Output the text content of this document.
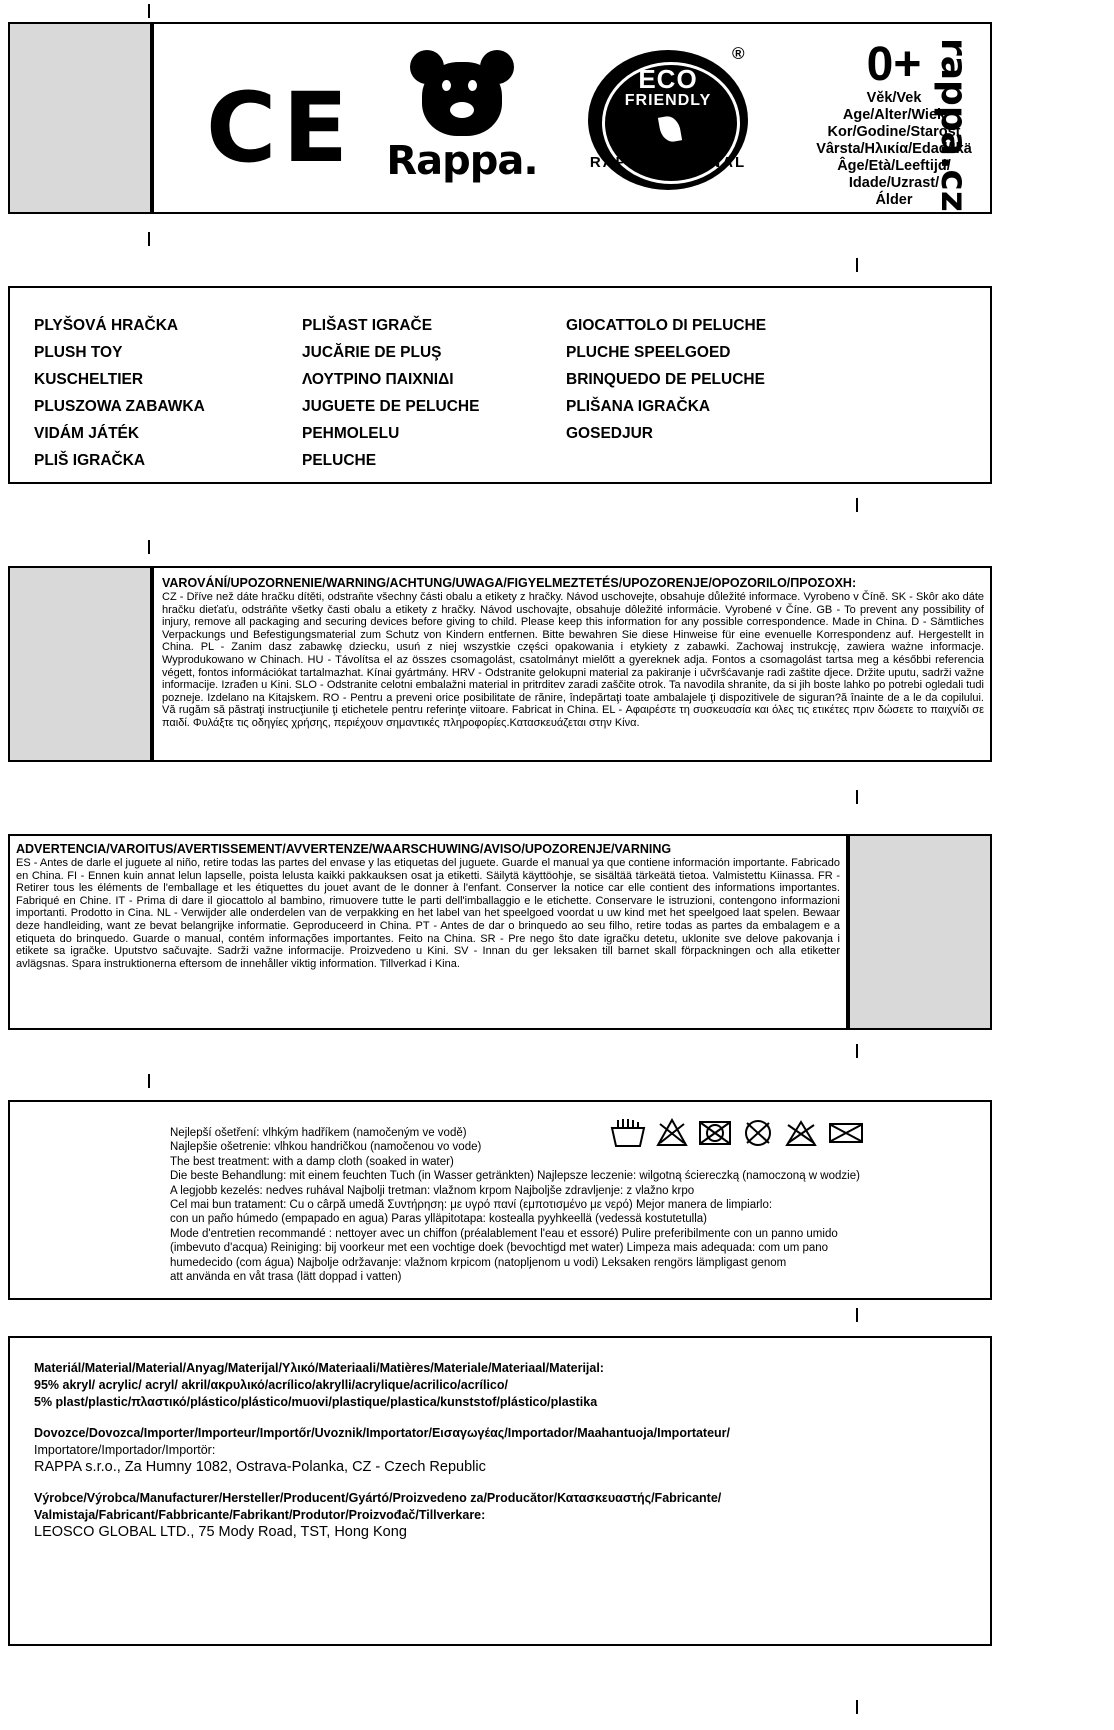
CE Rappa.
ECO
FRIENDLY
®
RAPPA ORIGINAL
0+
Věk/Vek
Age/Alter/Wiek
Kor/Godine/Starost
Vârsta/Ηλικία/Edad/Ikä
Âge/Età/Leeftijd/
Idade/Uzrast/
Álder rappa.cz
PLYŠOVÁ HRAČKA
PLUSH TOY
KUSCHELTIER
PLUSZOWA ZABAWKA
VIDÁM JÁTÉK
PLIŠ IGRAČKA
PLIŠAST IGRAČE
JUCĂRIE DE PLUŞ
ΛΟΥΤΡΙΝΟ ΠΑΙΧΝΙΔΙ
JUGUETE DE PELUCHE
PEHMOLELU
PELUCHE
GIOCATTOLO DI PELUCHE
PLUCHE SPEELGOED
BRINQUEDO DE PELUCHE
PLIŠANA IGRAČKA
GOSEDJUR
VAROVÁNÍ/UPOZORNENIE/WARNING/ACHTUNG/UWAGA/FIGYELMEZTETÉS/UPOZORENJE/OPOZORILO/ΠΡΟΣΟΧΗ:
CZ - Dříve než dáte hračku dítěti, odstraňte všechny části obalu a etikety z hračky. Návod uschovejte, obsahuje důležité informace. Vyrobeno v Číně. SK - Skôr ako dáte hračku dieťaťu, odstráňte všetky časti obalu a etikety z hračky. Návod uschovajte, obsahuje dôležité informácie. Vyrobené v Číne. GB - To prevent any possibility of injury, remove all packaging and securing devices before giving to child. Please keep this information for any possible correspondence. Made in China. D - Sämtliches Verpackungs und Befestigungsmaterial zum Schutz von Kindern entfernen. Bitte bewahren Sie diese Hinweise für eine evenuelle Korrespondenz auf. Hergestellt in China. PL - Zanim dasz zabawkę dziecku, usuń z niej wszystkie części opakowania i etykiety z zabawki. Zachowaj instrukcję, zawiera ważne informacje. Wyprodukowano w Chinach. HU - Távolítsa el az összes csomagolást, csatolmányt mielőtt a gyereknek adja. Fontos a csomagolást tartsa meg a későbbi referencia végett, fontos információkat tartalmazhat. Kínai gyártmány. HRV - Odstranite gelokupni material za pakiranje i učvršćavanje radi zaštite djece. Držite uputu, sadrži važne informacije. Izrađen u Kini. SLO - Odstranite celotni embalažni material in pritrditev zaradi zaščite otrok. Ta navodila shranite, da si jih boste lahko po potrebi ogledali tudi pozneje. Izdelano na Kitajskem. RO - Pentru a preveni orice posibilitate de rănire, îndepărtaţi toate ambalajele ţi dispozitivele de siguran?ă înainte de a le da copilului. Vă rugăm să păstraţi instrucţiunile ţi etichetele pentru referinţe viitoare. Fabricat in China. EL - Αφαιρέστε τη συσκευασία και όλες τις ετικέτες πριν δώσετε το παιχνίδι σε παιδί. Φυλάξτε τις οδηγίες χρήσης, περιέχουν σημαντικές πληροφορίες.Κατασκευάζεται στην Κίνα.
ADVERTENCIA/VAROITUS/AVERTISSEMENT/AVVERTENZE/WAARSCHUWING/AVISO/UPOZORENJE/VARNING
ES - Antes de darle el juguete al niño, retire todas las partes del envase y las etiquetas del juguete. Guarde el manual ya que contiene información importante. Fabricado en China. FI - Ennen kuin annat lelun lapselle, poista lelusta kaikki pakkauksen osat ja etiketti. Säilytä käyttöohje, se sisältää tärkeätä tietoa. Valmistettu Kiinassa. FR - Retirer tous les éléments de l'emballage et les étiquettes du jouet avant de le donner à l'enfant. Conserver la notice car elle contient des informations importantes. Fabriqué en Chine. IT - Prima di dare il giocattolo al bambino, rimuovere tutte le parti dell'imballaggio e le etichette. Conservare le istruzioni, contengono informazioni importanti. Prodotto in Cina. NL - Verwijder alle onderdelen van de verpakking en het label van het speelgoed voordat u uw kind met het speelgoed laat spelen. Bewaar deze handleiding, want ze bevat belangrijke informatie. Geproduceerd in China. PT - Antes de dar o brinquedo ao seu filho, retire todas as partes da embalagem e a etiqueta do brinquedo. Guarde o manual, contém informações importantes. Feito na China. SR - Pre nego što date igračku detetu, uklonite sve delove pakovanja i etikete sa igračke. Uputstvo sačuvajte. Sadrži važne informacije. Proizvedeno u Kini. SV - Innan du ger leksaken till barnet skall förpackningen och alla etiketter avlägsnas. Spara instruktionerna eftersom de innehåller viktig information. Tillverkad i Kina.
Nejlepší ošetření: vlhkým hadříkem (namočeným ve vodě)
Najlepšie ošetrenie: vlhkou handričkou (namočenou vo vode)
The best treatment: with a damp cloth (soaked in water)
Die beste Behandlung: mit einem feuchten Tuch (in Wasser getränkten) Najlepsze leczenie: wilgotną ściereczką (namoczoną w wodzie)
A legjobb kezelés: nedves ruhával Najbolji tretman: vlažnom krpom Najboljše zdravljenje: z vlažno krpo
Cel mai bun tratament: Cu o cârpă umedă Συντήρηση: με υγρό πανί (εμποτισμένο με νερό) Mejor manera de limpiarlo:
con un paño húmedo (empapado en agua) Paras ylläpitotapa: kostealla pyyhkeellä (vedessä kostutetulla)
Mode d'entretien recommandé : nettoyer avec un chiffon (préalablement l'eau et essoré) Pulire preferibilmente con un panno umido
(imbevuto d'acqua) Reiniging: bij voorkeur met een vochtige doek (bevochtigd met water) Limpeza mais adequada: com um pano
humedecido (com água) Najbolje održavanje: vlažnom krpicom (natopljenom u vodi) Leksaken rengörs lämpligast genom
att använda en våt trasa (lätt doppad i vatten)
Materiál/Material/Material/Anyag/Materijal/Υλικό/Materiaali/Matières/Materiale/Materiaal/Materijal:
95% akryl/ acrylic/ acryl/ akril/ακρυλικό/acrílico/akrylli/acrylique/acrilico/acrílico/
5% plast/plastic/πλαστικό/plástico/plástico/muovi/plastique/plastica/kunststof/plástico/plastika
Dovozce/Dovozca/Importer/Importeur/Importőr/Uvoznik/Importator/Eισαγωγέας/Importador/Maahantuoja/Importateur/
Importatore/Importador/Importör:
RAPPA s.r.o., Za Humny 1082, Ostrava-Polanka, CZ - Czech Republic
Výrobce/Výrobca/Manufacturer/Hersteller/Producent/Gyártó/Proizvedeno za/Producător/Κατασκευαστής/Fabricante/
Valmistaja/Fabricant/Fabbricante/Fabrikant/Produtor/Proizvođač/Tillverkare:
LEOSCO GLOBAL LTD., 75 Mody Road, TST, Hong Kong
